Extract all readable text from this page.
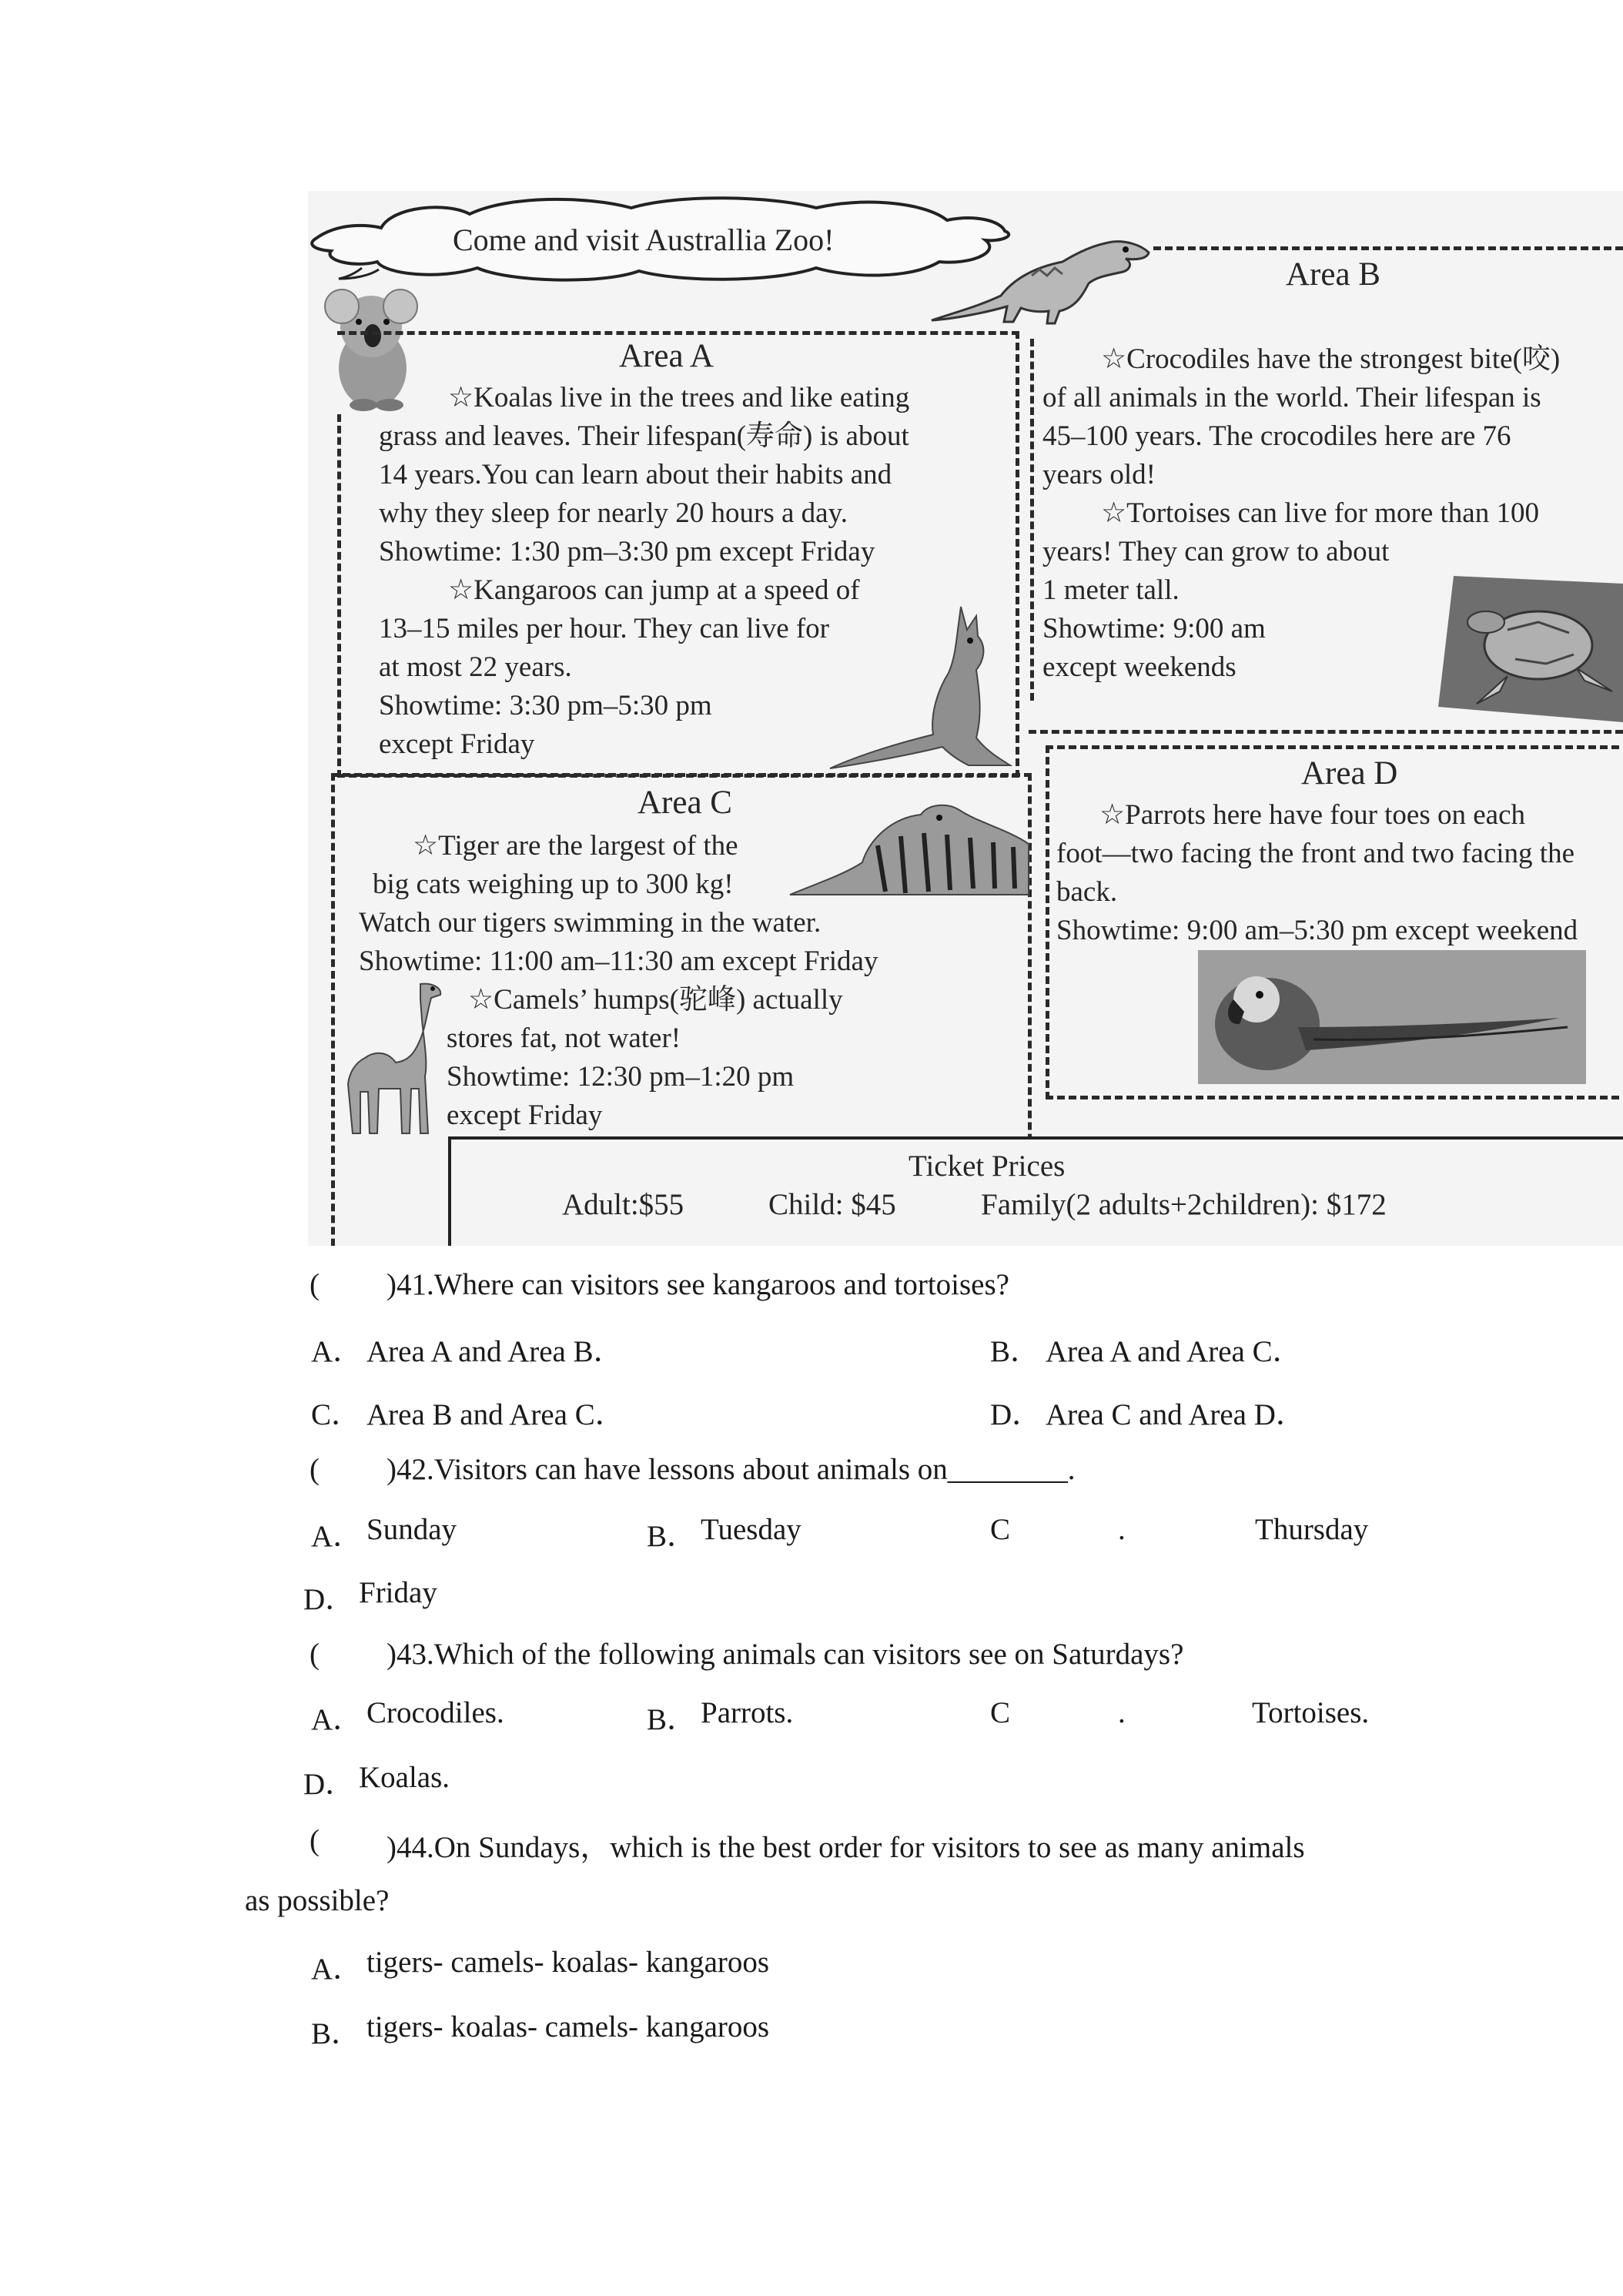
Come and visit Australlia Zoo!
Area B
Area A
☆Koalas live in the trees and like eating
grass and leaves. Their lifespan(寿命) is about
14 years.You can learn about their habits and
why they sleep for nearly 20 hours a day.
Showtime: 1:30 pm–3:30 pm except Friday
☆Kangaroos can jump at a speed of
13–15 miles per hour. They can live for
at most 22 years.
Showtime: 3:30 pm–5:30 pm
except Friday
☆Crocodiles have the strongest bite(咬)
of all animals in the world. Their lifespan is
45–100 years. The crocodiles here are 76
years old!
☆Tortoises can live for more than 100
years! They can grow to about
1 meter tall.
Showtime: 9:00 am
except weekends
Area C
☆Tiger are the largest of the
big cats weighing up to 300 kg!
Watch our tigers swimming in the water.
Showtime: 11:00 am–11:30 am except Friday
☆Camels’ humps(驼峰) actually
stores fat, not water!
Showtime: 12:30 pm–1:20 pm
except Friday
Area D
☆Parrots here have four toes on each
foot—two facing the front and two facing the
back.
Showtime: 9:00 am–5:30 pm except weekend
Ticket Prices
Adult:$55	Child: $45	Family(2 adults+2children): $172
( )41.Where can visitors see kangaroos and tortoises?
A． Area A and Area B．	B． Area A and Area C．
C． Area B and Area C．	D． Area C and Area D．
( )42.Visitors can have lessons about animals on________.
A． Sunday	B． Tuesday	C	.	Thursday
D． Friday
( )43.Which of the following animals can visitors see on Saturdays?
A． Crocodiles.	B． Parrots.	C	.	Tortoises.
D． Koalas.
( )44.On Sundays，which is the best order for visitors to see as many animals
as possible?
A． tigers- camels- koalas- kangaroos
B． tigers- koalas- camels- kangaroos
